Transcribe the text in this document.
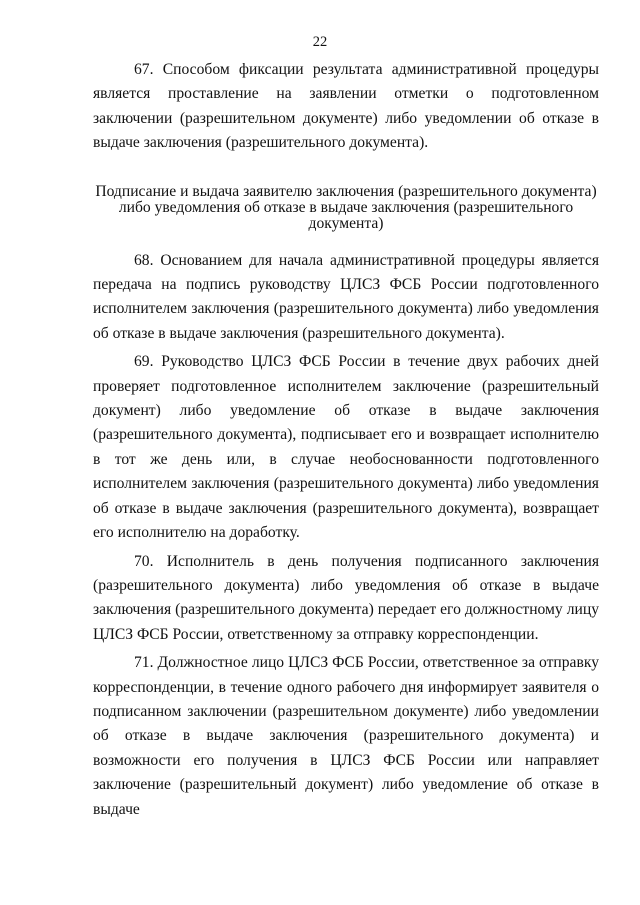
22

67. Способом фиксации результата административной процедуры является проставление на заявлении отметки о подготовленном заключении (разрешительном документе) либо уведомлении об отказе в выдаче заключения (разрешительного документа).

Подписание и выдача заявителю заключения (разрешительного документа) либо уведомления об отказе в выдаче заключения (разрешительного документа)

68. Основанием для начала административной процедуры является передача на подпись руководству ЦЛСЗ ФСБ России подготовленного исполнителем заключения (разрешительного документа) либо уведомления об отказе в выдаче заключения (разрешительного документа).

69. Руководство ЦЛСЗ ФСБ России в течение двух рабочих дней проверяет подготовленное исполнителем заключение (разрешительный документ) либо уведомление об отказе в выдаче заключения (разрешительного документа), подписывает его и возвращает исполнителю в тот же день или, в случае необоснованности подготовленного исполнителем заключения (разрешительного документа) либо уведомления об отказе в выдаче заключения (разрешительного документа), возвращает его исполнителю на доработку.

70. Исполнитель в день получения подписанного заключения (разрешительного документа) либо уведомления об отказе в выдаче заключения (разрешительного документа) передает его должностному лицу ЦЛСЗ ФСБ России, ответственному за отправку корреспонденции.

71. Должностное лицо ЦЛСЗ ФСБ России, ответственное за отправку корреспонденции, в течение одного рабочего дня информирует заявителя о подписанном заключении (разрешительном документе) либо уведомлении об отказе в выдаче заключения (разрешительного документа) и возможности его получения в ЦЛСЗ ФСБ России или направляет заключение (разрешительный документ) либо уведомление об отказе в выдаче
